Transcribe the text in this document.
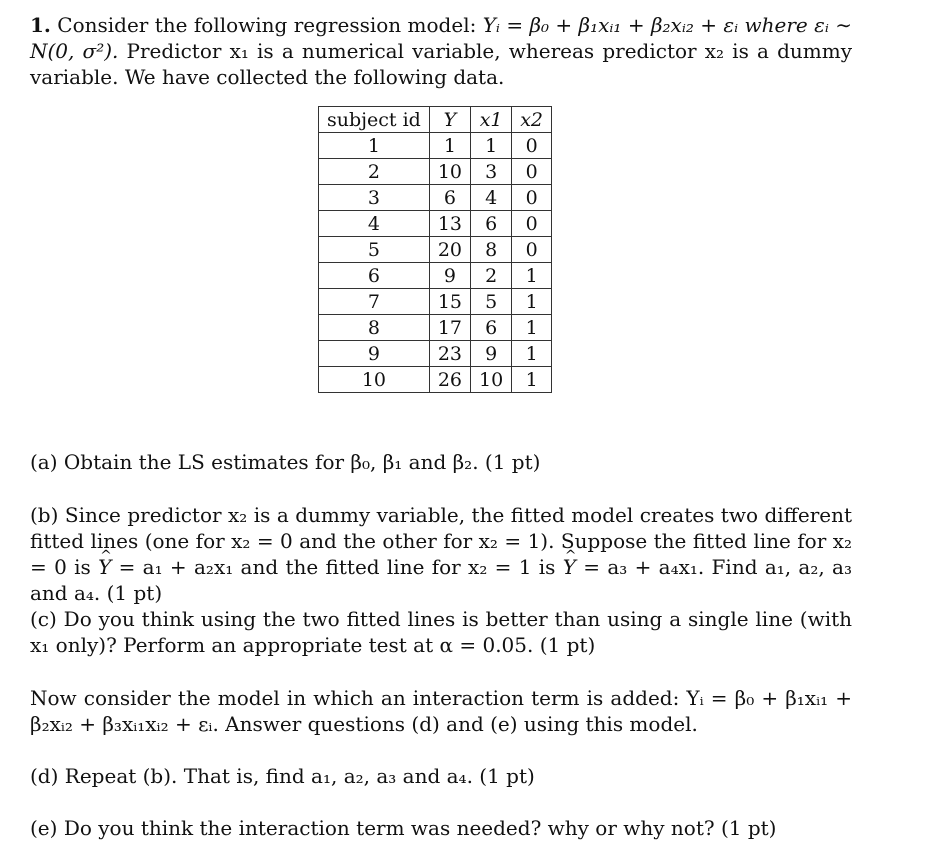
1. Consider the following regression model: Yᵢ = β₀ + β₁xᵢ₁ + β₂xᵢ₂ + εᵢ where εᵢ ∼ N(0, σ²). Predictor x₁ is a numerical variable, whereas predictor x₂ is a dummy variable. We have collected the following data.
subject id	Y	x1	x2
1	1	1	0
2	10	3	0
3	6	4	0
4	13	6	0
5	20	8	0
6	9	2	1
7	15	5	1
8	17	6	1
9	23	9	1
10	26	10	1
(a) Obtain the LS estimates for β₀, β₁ and β₂. (1 pt)
(b) Since predictor x₂ is a dummy variable, the fitted model creates two different fitted lines (one for x₂ = 0 and the other for x₂ = 1). Suppose the fitted line for x₂ = 0 is ^ Y = a₁ + a₂x₁ and the fitted line for x₂ = 1 is ^ Y = a₃ + a₄x₁. Find a₁, a₂, a₃ and a₄. (1 pt)
(c) Do you think using the two fitted lines is better than using a single line (with x₁ only)? Perform an appropriate test at α = 0.05. (1 pt)
Now consider the model in which an interaction term is added: Yᵢ = β₀ + β₁xᵢ₁ + β₂xᵢ₂ + β₃xᵢ₁xᵢ₂ + εᵢ. Answer questions (d) and (e) using this model.
(d) Repeat (b). That is, find a₁, a₂, a₃ and a₄. (1 pt)
(e) Do you think the interaction term was needed? why or why not? (1 pt)
